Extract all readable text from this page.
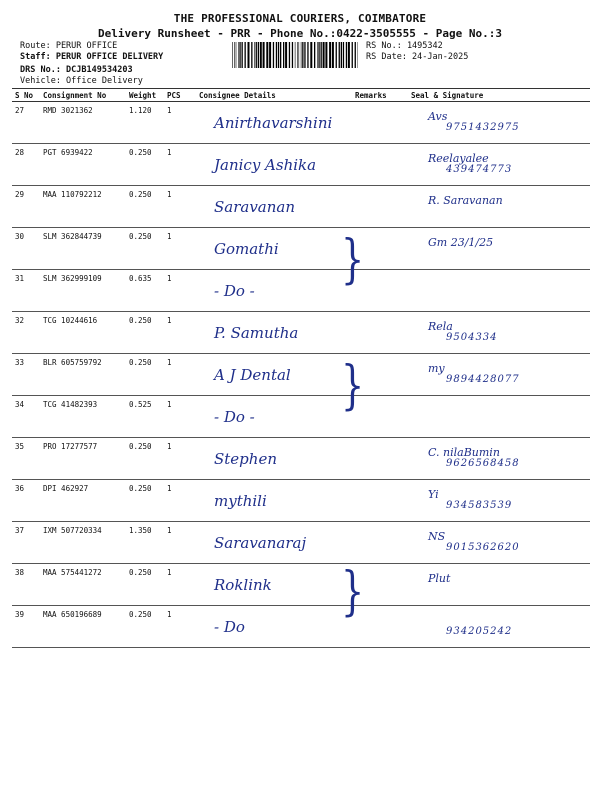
THE PROFESSIONAL COURIERS, COIMBATORE
Delivery Runsheet - PRR - Phone No.:0422-3505555 - Page No.:3
Route: PERUR OFFICE
Staff: PERUR OFFICE DELIVERY
DRS No.: DCJB149534203
Vehicle: Office Delivery
RS No.: 1495342
RS Date: 24-Jan-2025
S No	Consignment No	Weight	PCS	Consignee Details	Remarks	Seal & Signature
27	RMD 3021362	1.120	1	Anirthavarshini		Avs
9751432975

28	PGT 6939422	0.250	1	Janicy Ashika		Reelayalee
439474773

29	MAA 110792212	0.250	1	Saravanan		R. Saravanan

30	SLM 362844739	0.250	1	Gomathi }		Gm 23/1/25

31	SLM 362999109	0.635	1	- Do -		

32	TCG 10244616	0.250	1	P. Samutha		Rela
9504334

33	BLR 605759792	0.250	1	A J Dental }		my
9894428077

34	TCG 41482393	0.525	1	- Do -		

35	PRO 17277577	0.250	1	Stephen		C. nilaBumin
9626568458

36	DPI 462927	0.250	1	mythili		Yi
934583539

37	IXM 507720334	1.350	1	Saravanaraj		NS
9015362620

38	MAA 575441272	0.250	1	Roklink }		Plut

39	MAA 650196689	0.250	1	- Do		934205242
